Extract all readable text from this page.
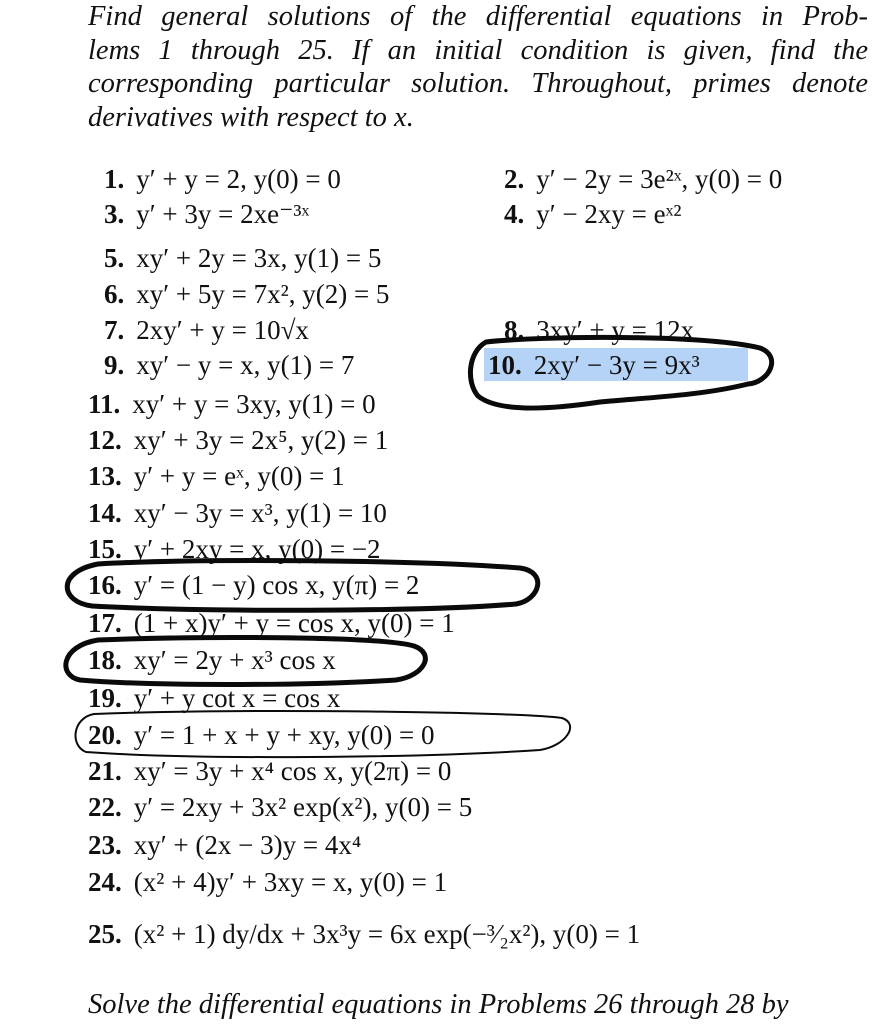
Find general solutions of the differential equations in Prob-
lems 1 through 25. If an initial condition is given, find the
corresponding particular solution. Throughout, primes denote
derivatives with respect to x.
1. y′ + y = 2, y(0) = 0	2. y′ − 2y = 3e²ˣ, y(0) = 0
3. y′ + 3y = 2xe⁻³ˣ	4. y′ − 2xy = eˣ²
5. xy′ + 2y = 3x, y(1) = 5
6. xy′ + 5y = 7x², y(2) = 5
7. 2xy′ + y = 10√x	8. 3xy′ + y = 12x
9. xy′ − y = x, y(1) = 7	10. 2xy′ − 3y = 9x³
11. xy′ + y = 3xy, y(1) = 0
12. xy′ + 3y = 2x⁵, y(2) = 1
13. y′ + y = eˣ, y(0) = 1
14. xy′ − 3y = x³, y(1) = 10
15. y′ + 2xy = x, y(0) = −2
16. y′ = (1 − y) cos x, y(π) = 2
17. (1 + x)y′ + y = cos x, y(0) = 1
18. xy′ = 2y + x³ cos x
19. y′ + y cot x = cos x
20. y′ = 1 + x + y + xy, y(0) = 0
21. xy′ = 3y + x⁴ cos x, y(2π) = 0
22. y′ = 2xy + 3x² exp(x²), y(0) = 5
23. xy′ + (2x − 3)y = 4x⁴
24. (x² + 4)y′ + 3xy = x, y(0) = 1
25. (x² + 1) dy/dx + 3x³y = 6x exp(−³⁄₂x²), y(0) = 1
Solve the differential equations in Problems 26 through 28 by
